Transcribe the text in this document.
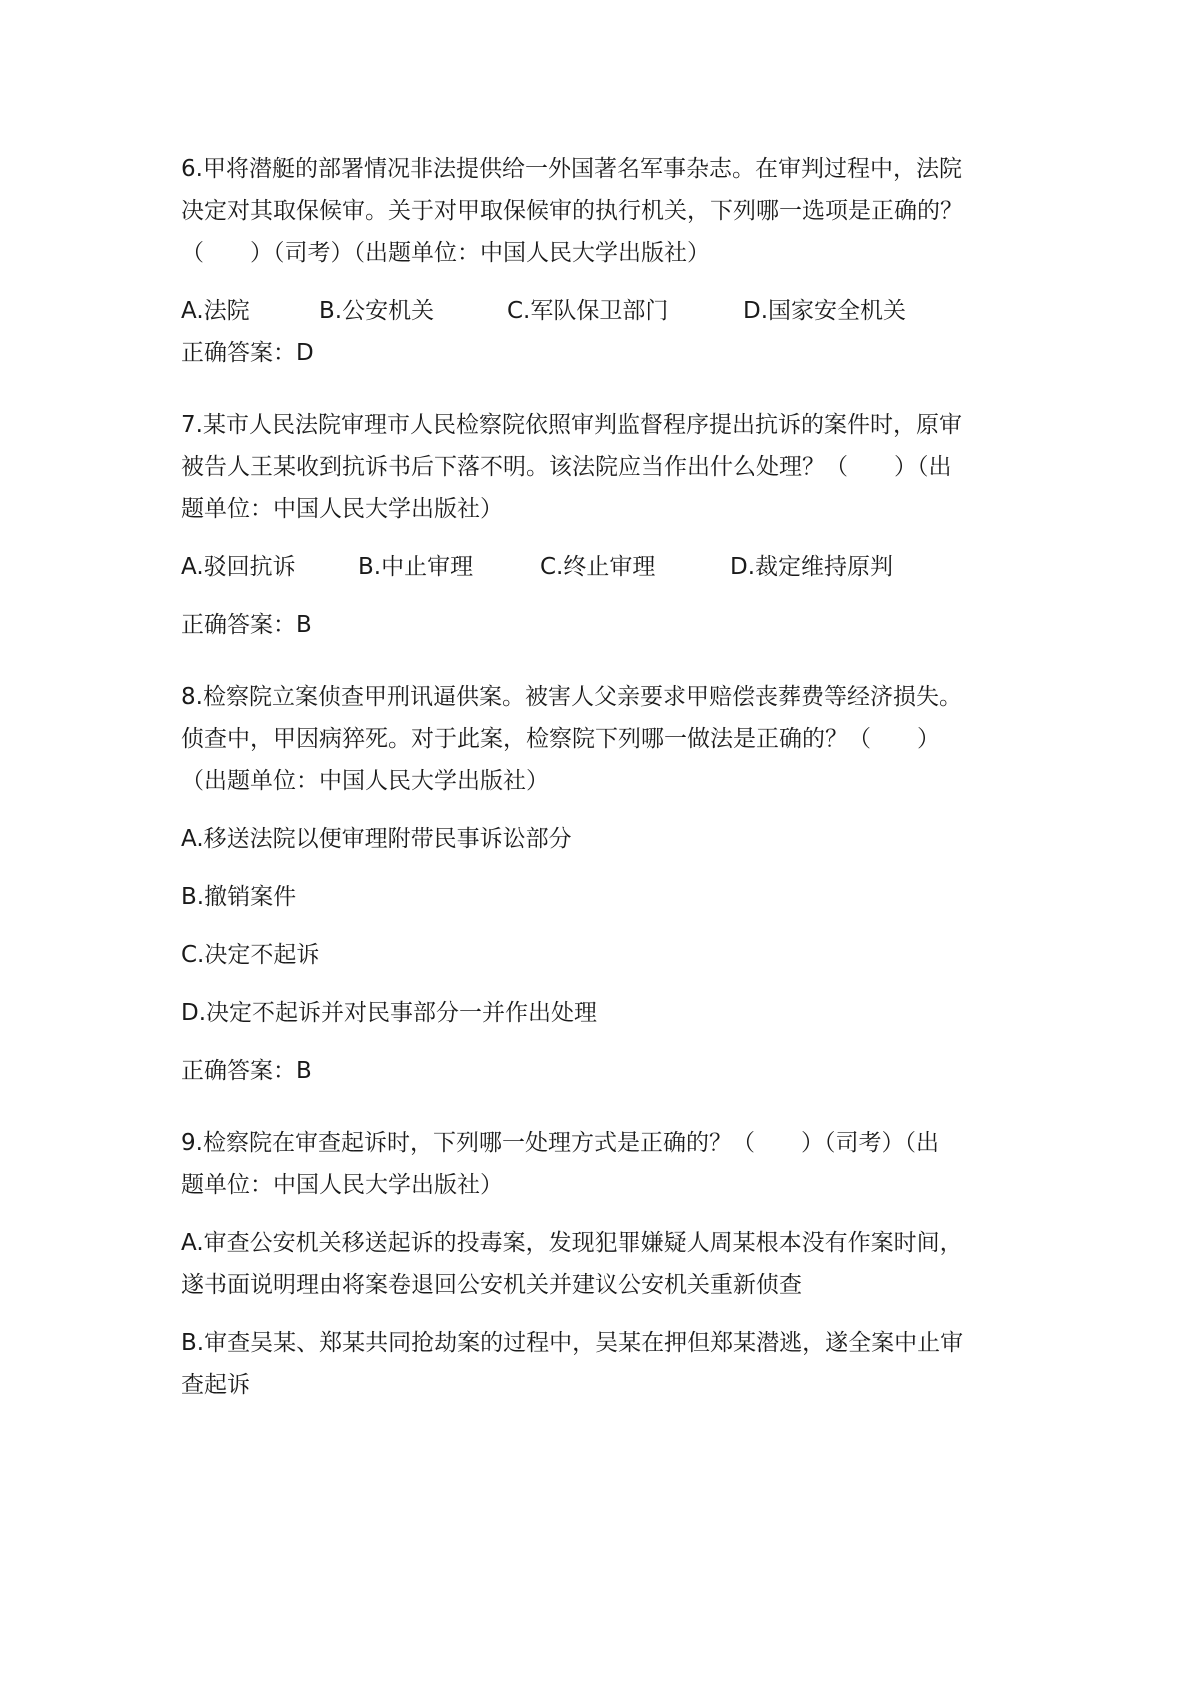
6.甲将潜艇的部署情况非法提供给一外国著名军事杂志。在审判过程中，法院
决定对其取保候审。关于对甲取保候审的执行机关，下列哪一选项是正确的？
（　　）（司考）（出题单位：中国人民大学出版社）
A.法院	B.公安机关	C.军队保卫部门	D.国家安全机关
正确答案：D
7.某市人民法院审理市人民检察院依照审判监督程序提出抗诉的案件时，原审
被告人王某收到抗诉书后下落不明。该法院应当作出什么处理？（　　）（出
题单位：中国人民大学出版社）
A.驳回抗诉	B.中止审理	C.终止审理	D.裁定维持原判
正确答案：B
8.检察院立案侦查甲刑讯逼供案。被害人父亲要求甲赔偿丧葬费等经济损失。
侦查中，甲因病猝死。对于此案，检察院下列哪一做法是正确的？（　　）
（出题单位：中国人民大学出版社）
A.移送法院以便审理附带民事诉讼部分
B.撤销案件
C.决定不起诉
D.决定不起诉并对民事部分一并作出处理
正确答案：B
9.检察院在审查起诉时，下列哪一处理方式是正确的？（　　）（司考）（出
题单位：中国人民大学出版社）
A.审查公安机关移送起诉的投毒案，发现犯罪嫌疑人周某根本没有作案时间，
遂书面说明理由将案卷退回公安机关并建议公安机关重新侦查
B.审查吴某、郑某共同抢劫案的过程中，吴某在押但郑某潜逃，遂全案中止审
查起诉
